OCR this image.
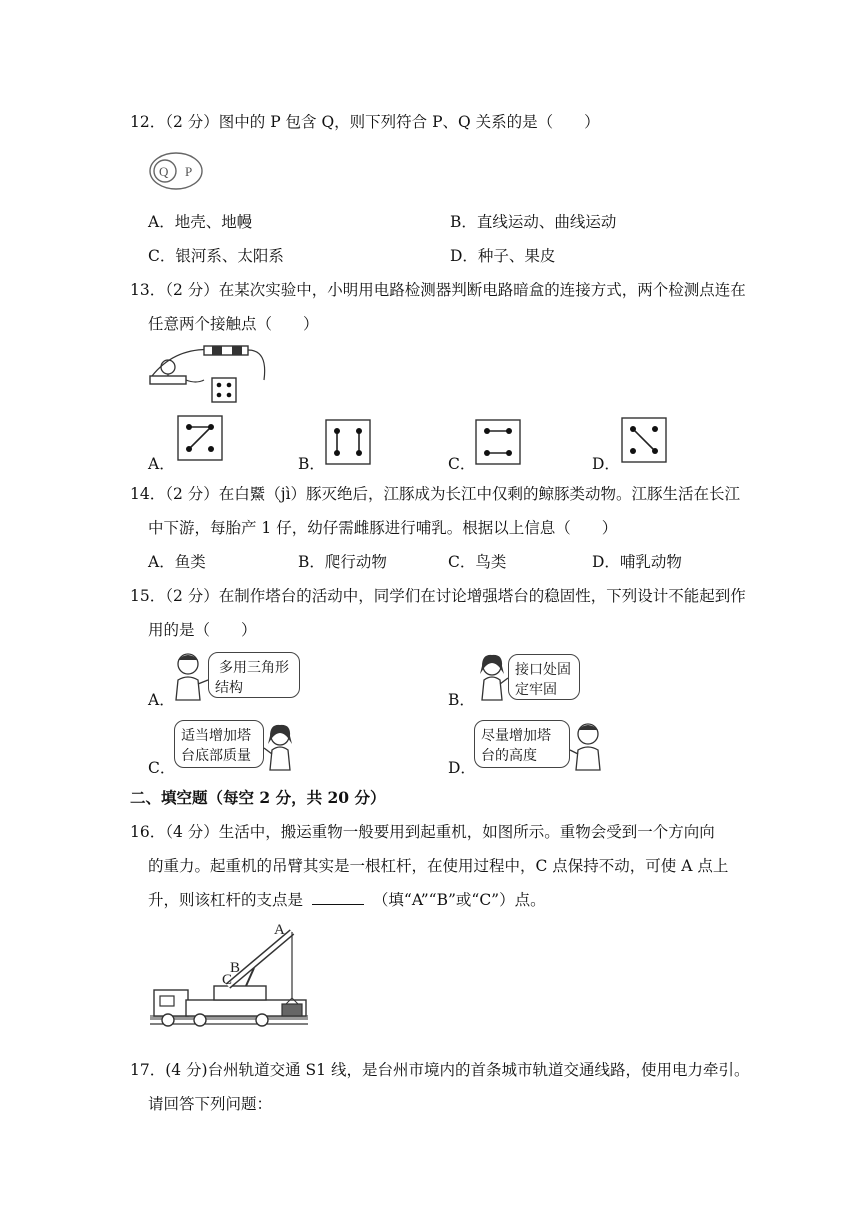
12．（2 分）图中的 P 包含 Q，则下列符合 P、Q 关系的是（　　）
Q P
A．地壳、地幔	B．直线运动、曲线运动
C．银河系、太阳系	D．种子、果皮
13．（2 分）在某次实验中，小明用电路检测器判断电路暗盒的连接方式，两个检测点连在
任意两个接触点（　　）
A．	B．	C．	D．
14．（2 分）在白鱀（jì）豚灭绝后，江豚成为长江中仅剩的鲸豚类动物。江豚生活在长江
中下游，每胎产 1 仔，幼仔需雌豚进行哺乳。根据以上信息（　　）
A．鱼类	B．爬行动物	C．鸟类	D．哺乳动物
15．（2 分）在制作塔台的活动中，同学们在讨论增强塔台的稳固性，下列设计不能起到作
用的是（　　）
A．
多用三角形
结构
B．
接口处固
定牢固
C．
适当增加塔
台底部质量
D．
尽量增加塔
台的高度
二、填空题（每空 2 分，共 20 分）
16．（4 分）生活中，搬运重物一般要用到起重机，如图所示。重物会受到一个方向向
的重力。起重机的吊臂其实是一根杠杆，在使用过程中，C 点保持不动，可使 A 点上
升，则该杠杆的支点是	（填“A”“B”或“C”）点。
A
B
C
17．(4 分)台州轨道交通 S1 线，是台州市境内的首条城市轨道交通线路，使用电力牵引。
请回答下列问题：
